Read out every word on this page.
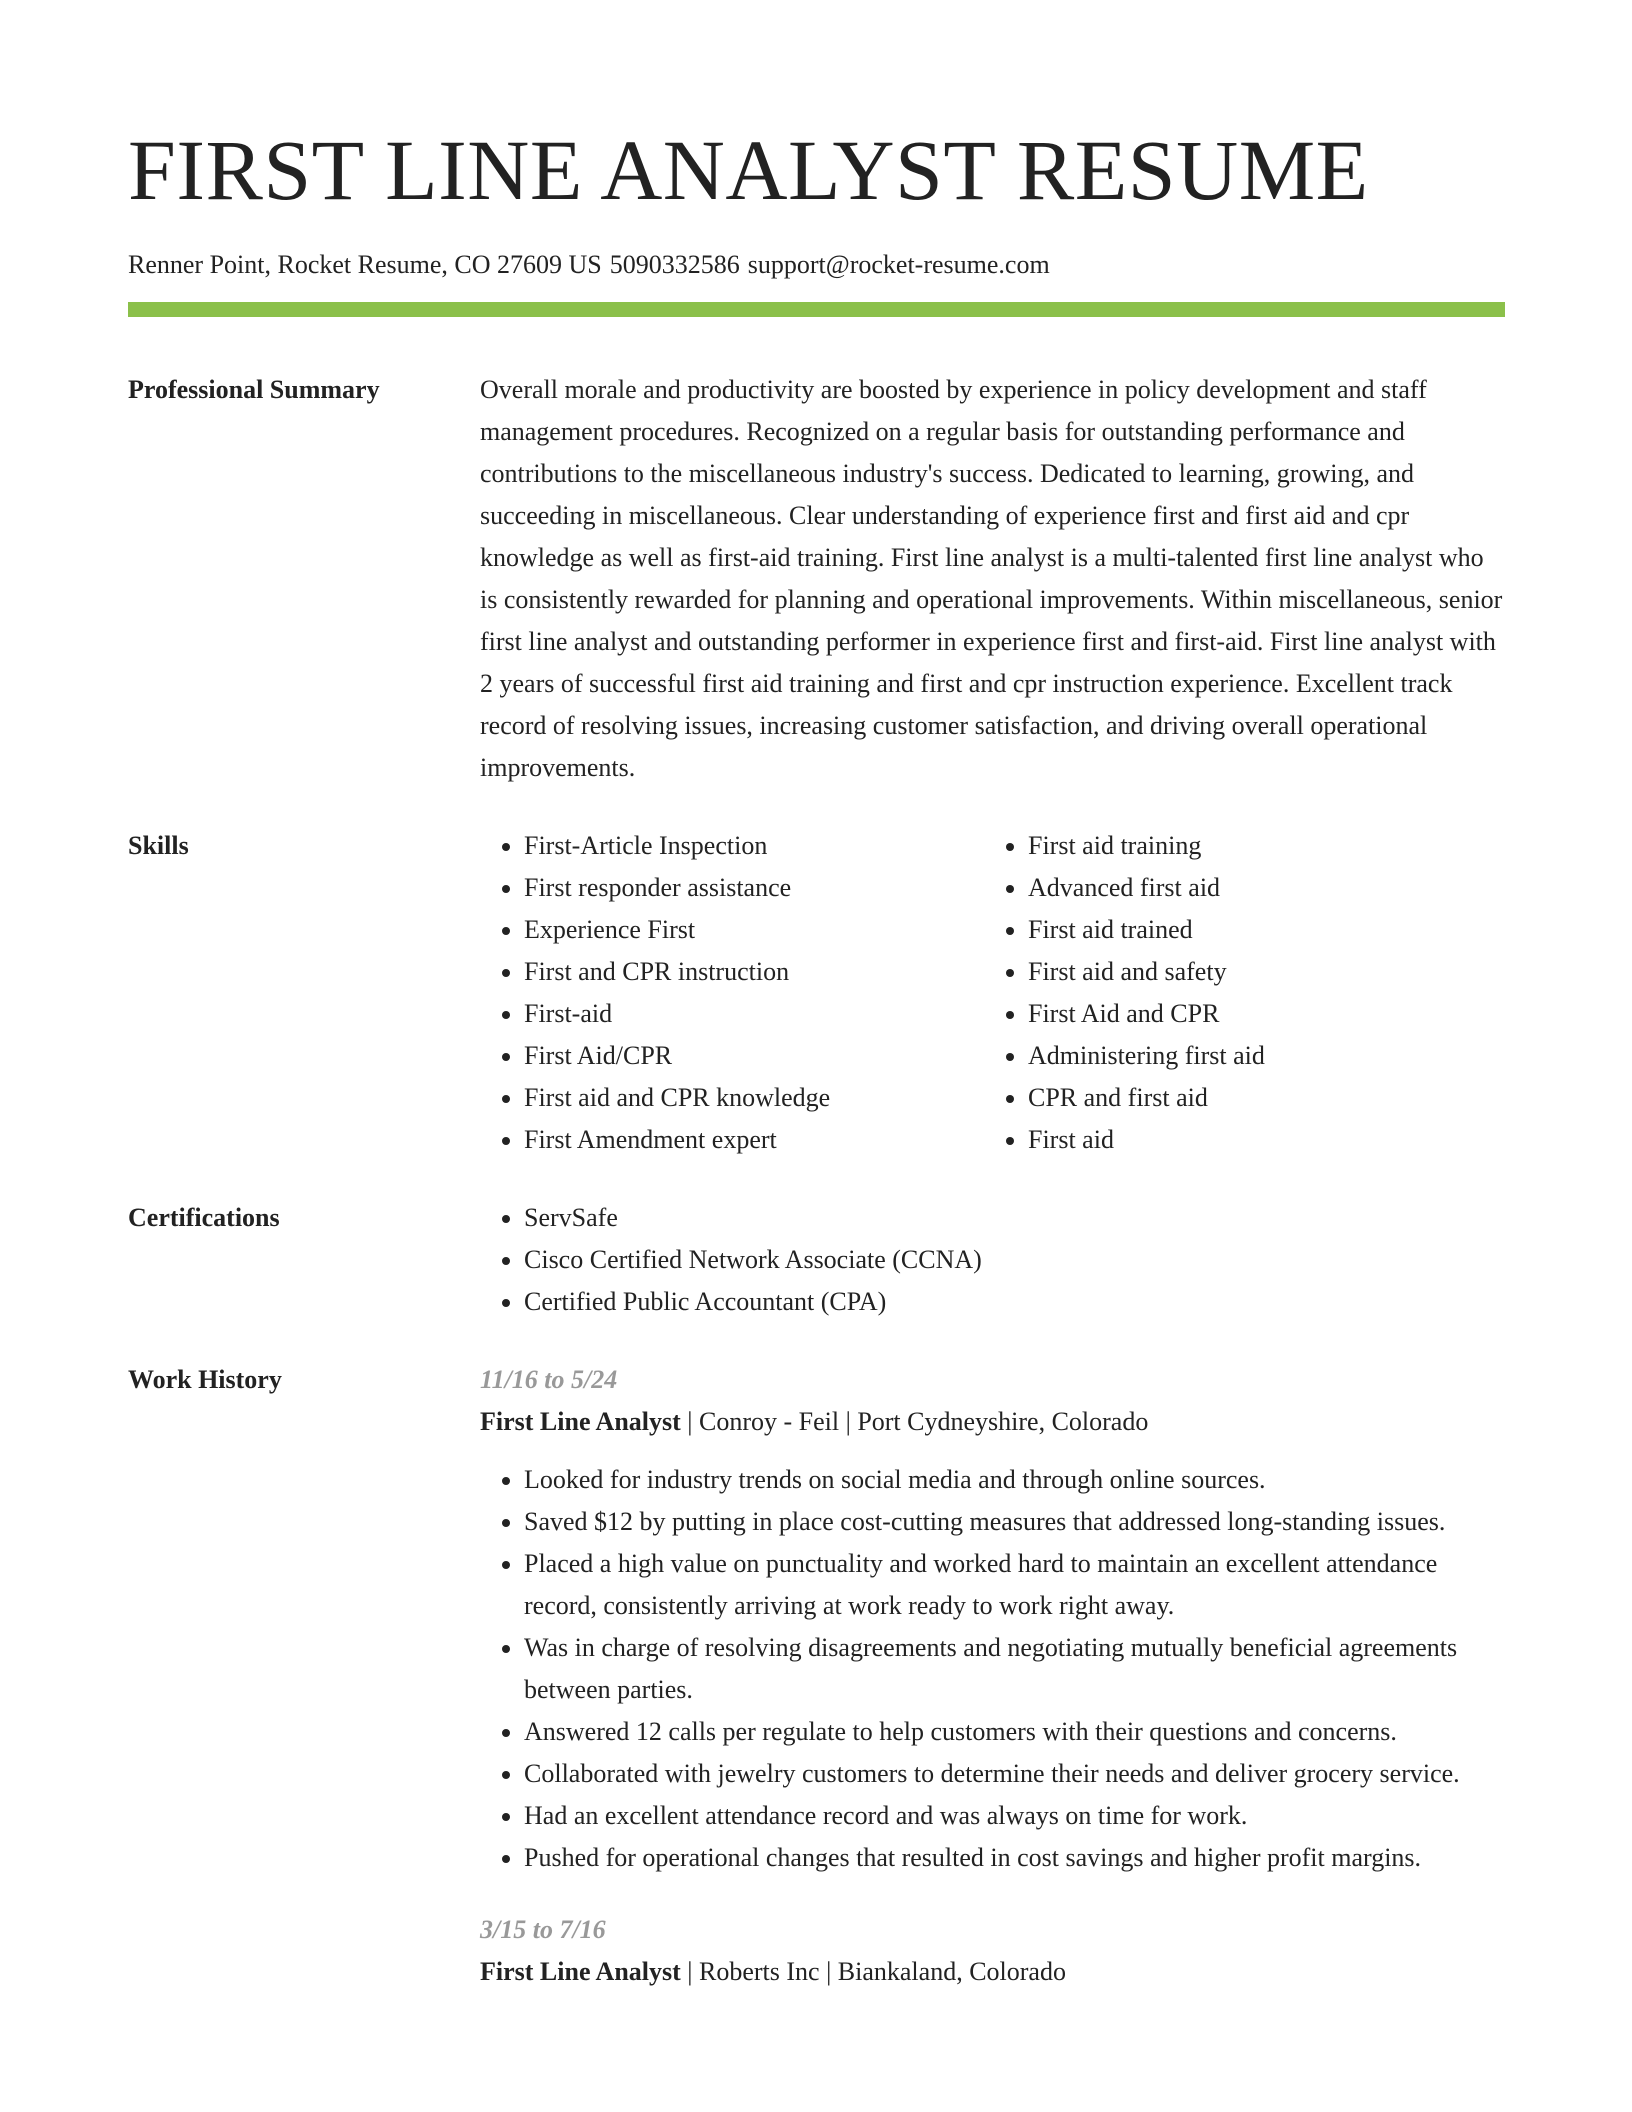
FIRST LINE ANALYST RESUME
Renner Point, Rocket Resume, CO 27609 US 5090332586 support@rocket-resume.com
Professional Summary	Overall morale and productivity are boosted by experience in policy development and staff management procedures. Recognized on a regular basis for outstanding performance and contributions to the miscellaneous industry's success. Dedicated to learning, growing, and succeeding in miscellaneous. Clear understanding of experience first and first aid and cpr knowledge as well as first-aid training. First line analyst is a multi-talented first line analyst who is consistently rewarded for planning and operational improvements. Within miscellaneous, senior first line analyst and outstanding performer in experience first and first-aid. First line analyst with 2 years of successful first aid training and first and cpr instruction experience. Excellent track record of resolving issues, increasing customer satisfaction, and driving overall operational improvements.

Skills	• First-Article Inspection
• First responder assistance
• Experience First
• First and CPR instruction
• First-aid
• First Aid/CPR
• First aid and CPR knowledge
• First Amendment expert
• First aid training
• Advanced first aid
• First aid trained
• First aid and safety
• First Aid and CPR
• Administering first aid
• CPR and first aid
• First aid
Certifications	• ServSafe
• Cisco Certified Network Associate (CCNA)
• Certified Public Accountant (CPA)
Work History	11/16 to 5/24
First Line Analyst | Conroy - Feil | Port Cydneyshire, Colorado
• Looked for industry trends on social media and through online sources.
• Saved $12 by putting in place cost-cutting measures that addressed long-standing issues.
• Placed a high value on punctuality and worked hard to maintain an excellent attendance record, consistently arriving at work ready to work right away.
• Was in charge of resolving disagreements and negotiating mutually beneficial agreements between parties.
• Answered 12 calls per regulate to help customers with their questions and concerns.
• Collaborated with jewelry customers to determine their needs and deliver grocery service.
• Had an excellent attendance record and was always on time for work.
• Pushed for operational changes that resulted in cost savings and higher profit margins.
3/15 to 7/16
First Line Analyst | Roberts Inc | Biankaland, Colorado
